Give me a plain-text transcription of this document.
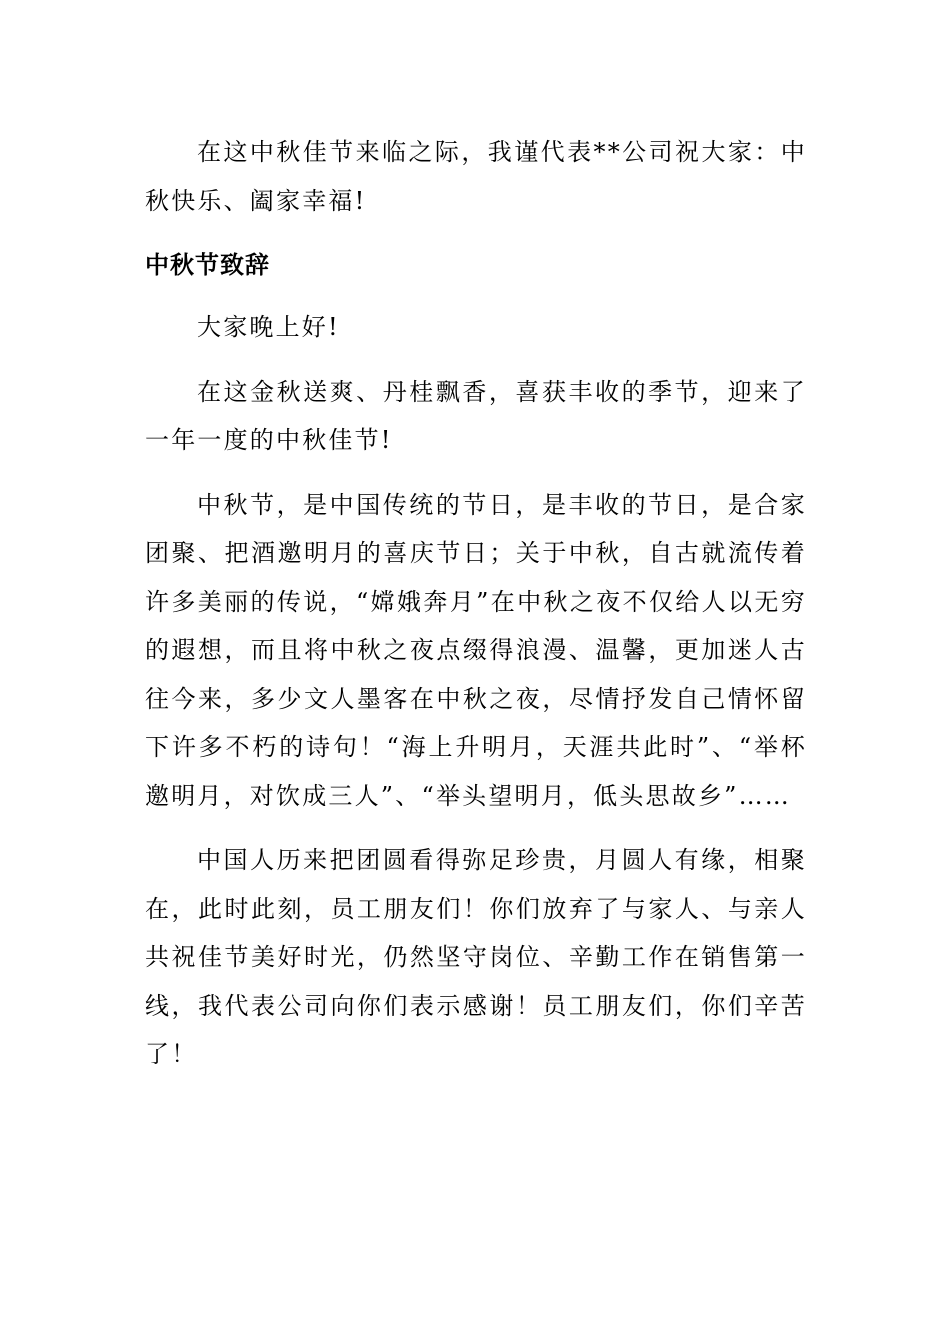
在这中秋佳节来临之际，我谨代表**公司祝大家：中秋快乐、阖家幸福!

中秋节致辞

大家晚上好!

在这金秋送爽、丹桂飘香，喜获丰收的季节，迎来了一年一度的中秋佳节!

中秋节，是中国传统的节日，是丰收的节日，是合家团聚、把酒邀明月的喜庆节日；关于中秋，自古就流传着许多美丽的传说，“嫦娥奔月”在中秋之夜不仅给人以无穷的遐想，而且将中秋之夜点缀得浪漫、温馨，更加迷人古往今来，多少文人墨客在中秋之夜，尽情抒发自己情怀留下许多不朽的诗句！“海上升明月，天涯共此时”、“举杯邀明月，对饮成三人”、“举头望明月，低头思故乡”……

中国人历来把团圆看得弥足珍贵，月圆人有缘，相聚在，此时此刻，员工朋友们！你们放弃了与家人、与亲人共祝佳节美好时光，仍然坚守岗位、辛勤工作在销售第一线，我代表公司向你们表示感谢！员工朋友们，你们辛苦了！
